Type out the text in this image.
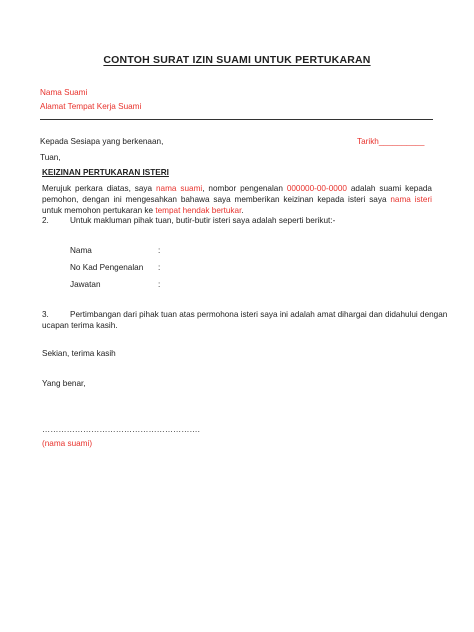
CONTOH SURAT IZIN SUAMI UNTUK PERTUKARAN
Nama Suami
Alamat Tempat Kerja Suami
Kepada Sesiapa yang berkenaan,	Tarikh__________
Tuan,
KEIZINAN PERTUKARAN ISTERI
Merujuk perkara diatas, saya nama suami, nombor pengenalan 000000-00-0000 adalah suami kepada pemohon, dengan ini mengesahkan bahawa saya memberikan keizinan kepada isteri saya nama isteri untuk memohon pertukaran ke tempat hendak bertukar.
2.	Untuk makluman pihak tuan, butir-butir isteri saya adalah seperti berikut:-
Nama	:
No Kad Pengenalan :
Jawatan	:
3.	Pertimbangan dari pihak tuan atas permohona isteri saya ini adalah amat dihargai dan didahului dengan
ucapan terima kasih.
Sekian, terima kasih
Yang benar,
………………………………………………….
(nama suami)
